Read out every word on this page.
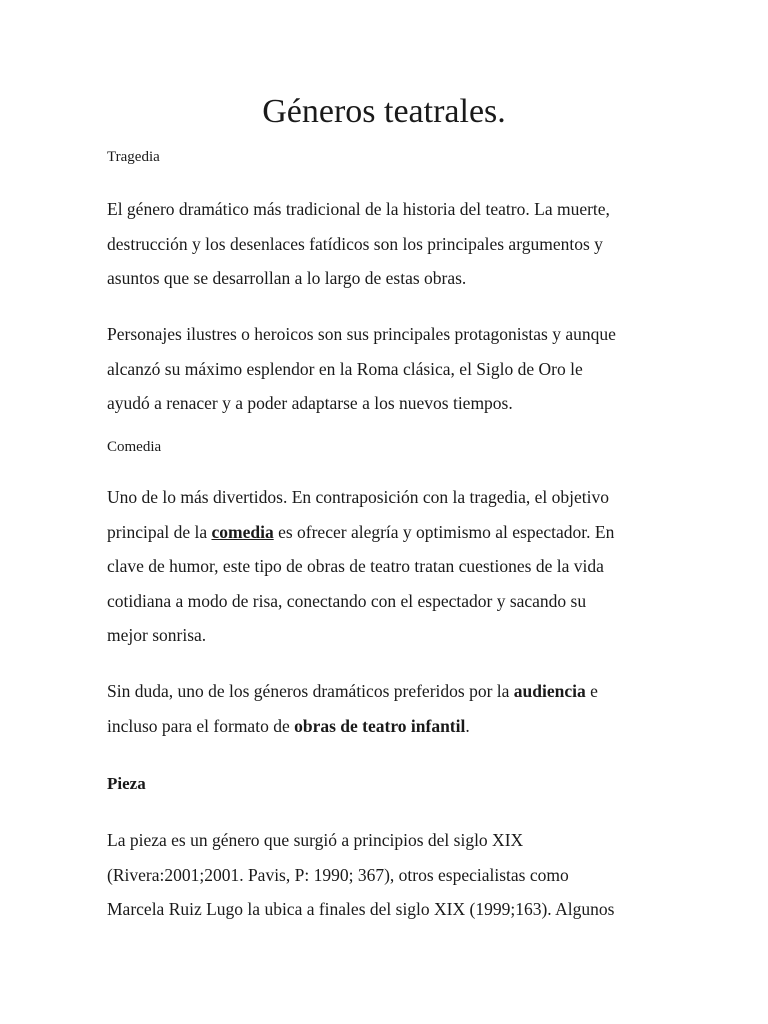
Géneros teatrales.
Tragedia

El género dramático más tradicional de la historia del teatro. La muerte,
destrucción y los desenlaces fatídicos son los principales argumentos y
asuntos que se desarrollan a lo largo de estas obras.

Personajes ilustres o heroicos son sus principales protagonistas y aunque
alcanzó su máximo esplendor en la Roma clásica, el Siglo de Oro le
ayudó a renacer y a poder adaptarse a los nuevos tiempos.

Comedia

Uno de lo más divertidos. En contraposición con la tragedia, el objetivo
principal de la comedia es ofrecer alegría y optimismo al espectador. En
clave de humor, este tipo de obras de teatro tratan cuestiones de la vida
cotidiana a modo de risa, conectando con el espectador y sacando su
mejor sonrisa.

Sin duda, uno de los géneros dramáticos preferidos por la audiencia e
incluso para el formato de obras de teatro infantil.

Pieza

La pieza es un género que surgió a principios del siglo XIX
(Rivera:2001;2001. Pavis, P: 1990; 367), otros especialistas como
Marcela Ruiz Lugo la ubica a finales del siglo XIX (1999;163). Algunos
